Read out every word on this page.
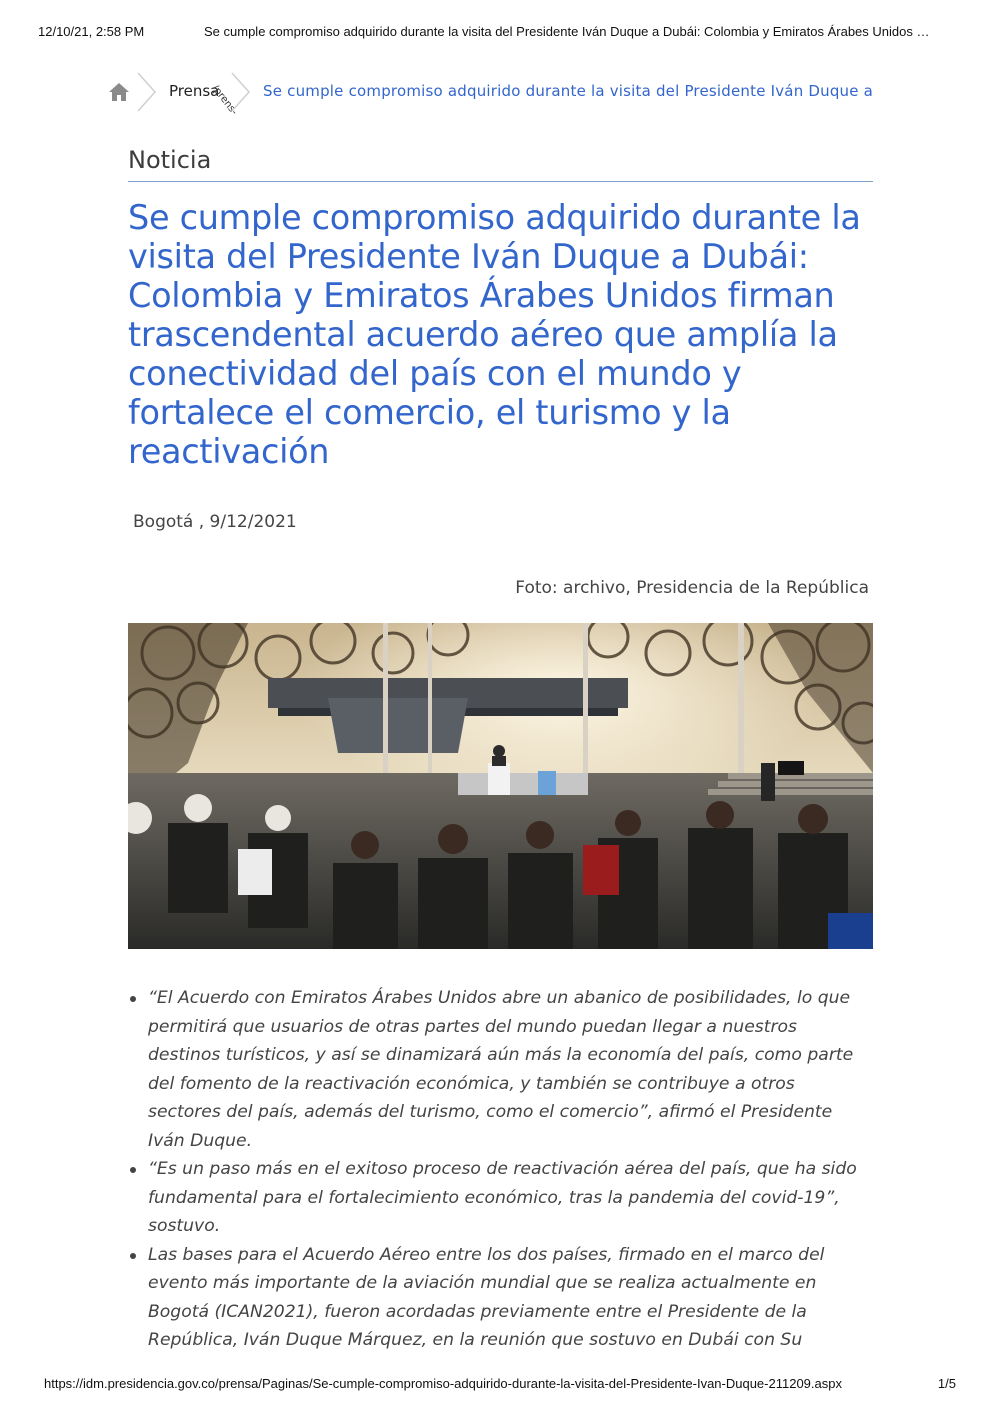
12/10/21, 2:58 PM	Se cumple compromiso adquirido durante la visita del Presidente Iván Duque a Dubái: Colombia y Emiratos Árabes Unidos …
Prensa
/prens- Se cumple compromiso adquirido durante la visita del Presidente Iván Duque a
Noticia
Se cumple compromiso adquirido durante la visita del Presidente Iván Duque a Dubái: Colombia y Emiratos Árabes Unidos firman trascendental acuerdo aéreo que amplía la conectividad del país con el mundo y fortalece el comercio, el turismo y la reactivación
Bogotá , 9/12/2021
Foto: archivo, Presidencia de la República
“El Acuerdo con Emiratos Árabes Unidos abre un abanico de posibilidades, lo que permitirá que usuarios de otras partes del mundo puedan llegar a nuestros destinos turísticos, y así se dinamizará aún más la economía del país, como parte del fomento de la reactivación económica, y también se contribuye a otros sectores del país, además del turismo, como el comercio”, afirmó el Presidente Iván Duque.
“Es un paso más en el exitoso proceso de reactivación aérea del país, que ha sido fundamental para el fortalecimiento económico, tras la pandemia del covid-19”, sostuvo.
Las bases para el Acuerdo Aéreo entre los dos países, firmado en el marco del evento más importante de la aviación mundial que se realiza actualmente en Bogotá (ICAN2021), fueron acordadas previamente entre el Presidente de la República, Iván Duque Márquez, en la reunión que sostuvo en Dubái con Su
https://idm.presidencia.gov.co/prensa/Paginas/Se-cumple-compromiso-adquirido-durante-la-visita-del-Presidente-Ivan-Duque-211209.aspx	1/5
